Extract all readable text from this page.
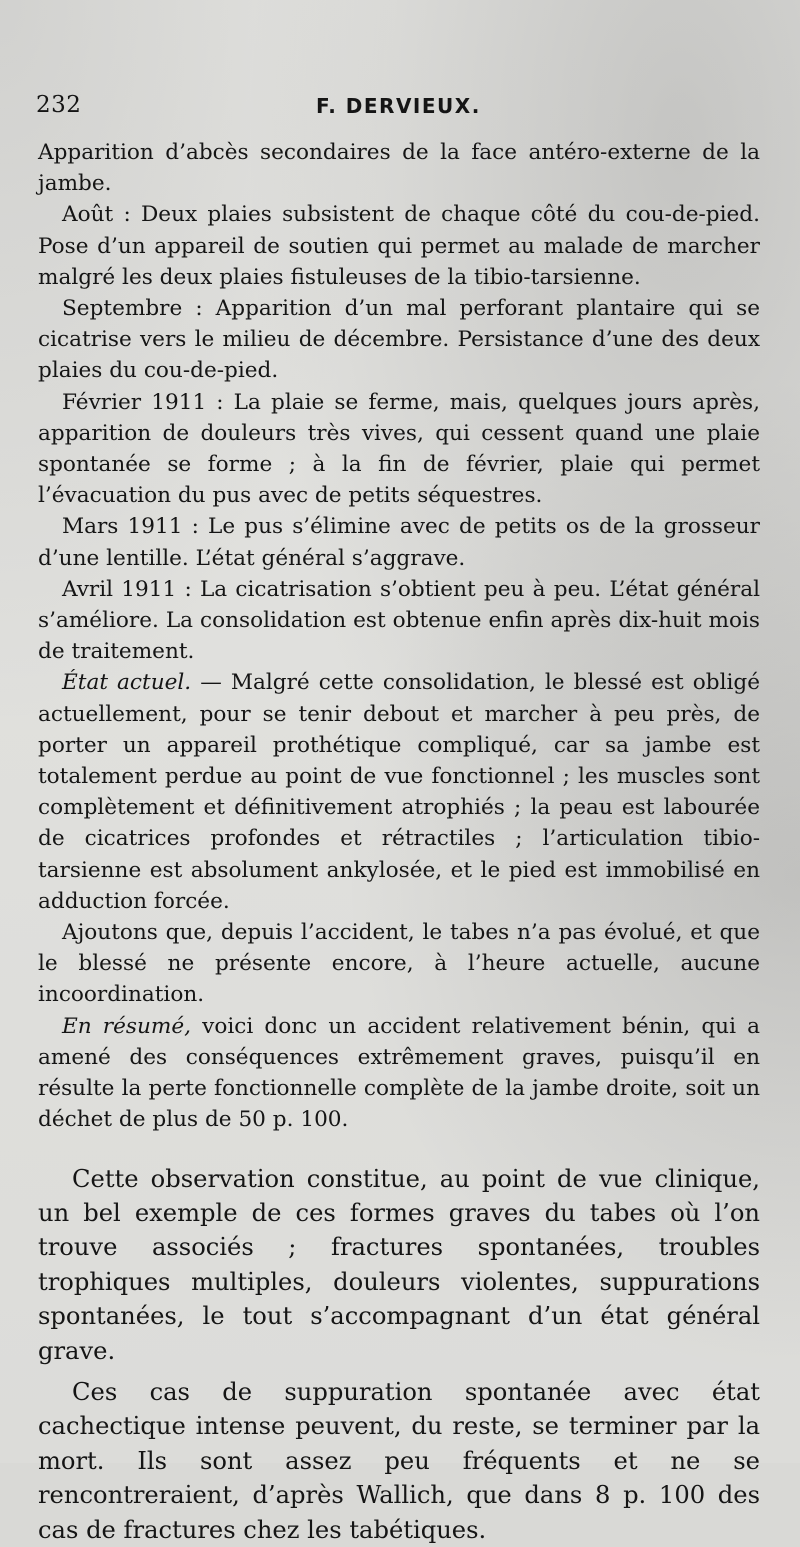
232	F. DERVIEUX.

Apparition d’abcès secondaires de la face antéro-externe de la jambe.

Août : Deux plaies subsistent de chaque côté du cou-de-pied. Pose d’un appareil de soutien qui permet au malade de marcher malgré les deux plaies fistuleuses de la tibio-tarsienne.

Septembre : Apparition d’un mal perforant plantaire qui se cicatrise vers le milieu de décembre. Persistance d’une des deux plaies du cou-de-pied.

Février 1911 : La plaie se ferme, mais, quelques jours après, apparition de douleurs très vives, qui cessent quand une plaie spontanée se forme ; à la fin de février, plaie qui permet l’évacuation du pus avec de petits séquestres.

Mars 1911 : Le pus s’élimine avec de petits os de la grosseur d’une lentille. L’état général s’aggrave.

Avril 1911 : La cicatrisation s’obtient peu à peu. L’état général s’améliore. La consolidation est obtenue enfin après dix-huit mois de traitement.

État actuel. — Malgré cette consolidation, le blessé est obligé actuellement, pour se tenir debout et marcher à peu près, de porter un appareil prothétique compliqué, car sa jambe est totalement perdue au point de vue fonctionnel ; les muscles sont complètement et définitivement atrophiés ; la peau est labourée de cicatrices profondes et rétractiles ; l’articulation tibio-tarsienne est absolument ankylosée, et le pied est immobilisé en adduction forcée.

Ajoutons que, depuis l’accident, le tabes n’a pas évolué, et que le blessé ne présente encore, à l’heure actuelle, aucune incoordination.

En résumé, voici donc un accident relativement bénin, qui a amené des conséquences extrêmement graves, puisqu’il en résulte la perte fonctionnelle complète de la jambe droite, soit un déchet de plus de 50 p. 100.

Cette observation constitue, au point de vue clinique, un bel exemple de ces formes graves du tabes où l’on trouve associés ; fractures spontanées, troubles trophiques multiples, douleurs violentes, suppurations spontanées, le tout s’accompagnant d’un état général grave.

Ces cas de suppuration spontanée avec état cachectique intense peuvent, du reste, se terminer par la mort. Ils sont assez peu fréquents et ne se rencontreraient, d’après Wallich, que dans 8 p. 100 des cas de fractures chez les tabétiques.
